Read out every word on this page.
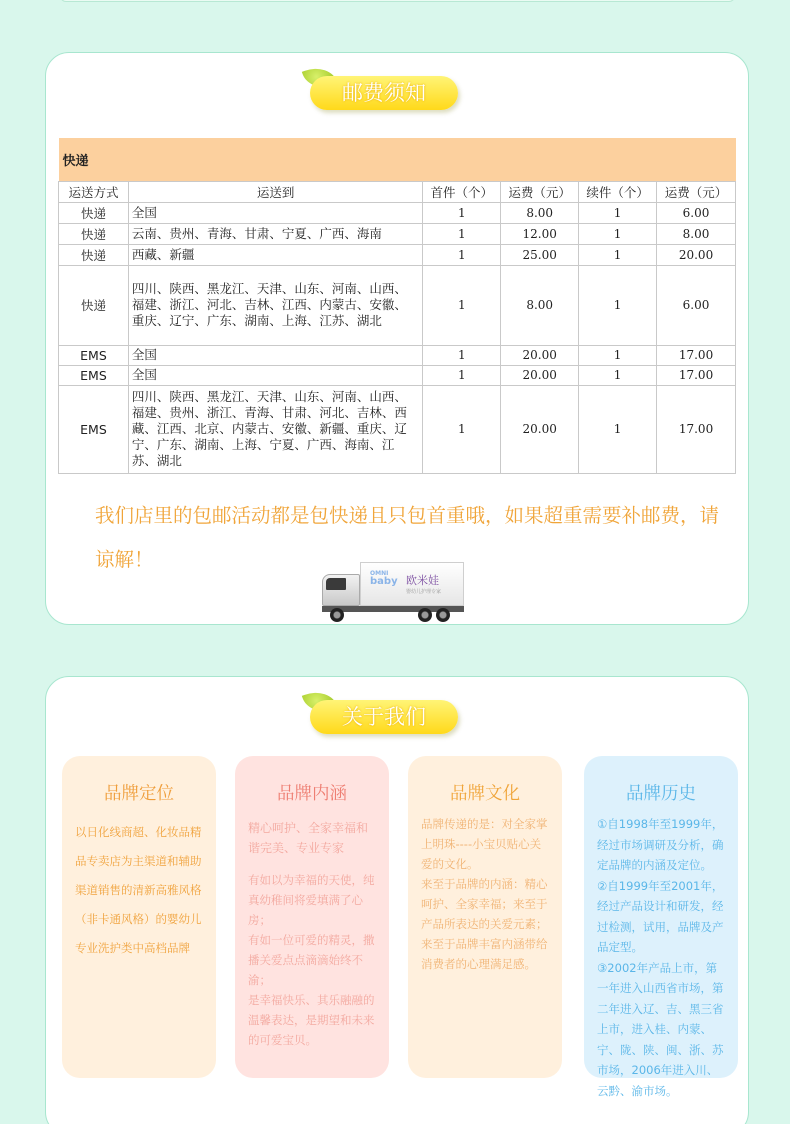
邮费须知
快递					
运送方式	运送到	首件（个）	运费（元）	续件（个）	运费（元）
快递	全国	1	8.00	1	6.00
快递	云南、贵州、青海、甘肃、宁夏、广西、海南	1	12.00	1	8.00
快递	西藏、新疆	1	25.00	1	20.00
快递	四川、陕西、黑龙江、天津、山东、河南、山西、福建、浙江、河北、吉林、江西、内蒙古、安徽、重庆、辽宁、广东、湖南、上海、江苏、湖北	1	8.00	1	6.00
EMS	全国	1	20.00	1	17.00
EMS	全国	1	20.00	1	17.00
EMS	四川、陕西、黑龙江、天津、山东、河南、山西、福建、贵州、浙江、青海、甘肃、河北、吉林、西藏、江西、北京、内蒙古、安徽、新疆、重庆、辽宁、广东、湖南、上海、宁夏、广西、海南、江苏、湖北	1	20.00	1	17.00
我们店里的包邮活动都是包快递且只包首重哦，如果超重需要补邮费，请谅解！
OMNI
baby 欧米娃
婴幼儿护理专家
关于我们
品牌定位
以日化线商超、化妆品精品专卖店为主渠道和辅助渠道销售的清新高雅风格（非卡通风格）的婴幼儿专业洗护类中高档品牌
品牌内涵
精心呵护、全家幸福和谐完美、专业专家

有如以为幸福的天使，纯真幼稚间将爱填满了心房；

有如一位可爱的精灵，撒播关爱点点滴滴始终不渝；

是幸福快乐、其乐融融的温馨表达，是期望和未来的可爱宝贝。

品牌文化

品牌传递的是：对全家掌上明珠----小宝贝贴心关爱的文化。

来至于品牌的内涵：精心呵护、全家幸福；来至于产品所表达的关爱元素；来至于品牌丰富内涵带给消费者的心理满足感。

品牌历史

①自1998年至1999年，经过市场调研及分析，确定品牌的内涵及定位。

②自1999年至2001年，经过产品设计和研发，经过检测，试用，品牌及产品定型。

③2002年产品上市，第一年进入山西省市场，第二年进入辽、吉、黑三省上市，进入桂、内蒙、宁、陇、陕、闽、浙、苏市场，2006年进入川、云黔、渝市场。
